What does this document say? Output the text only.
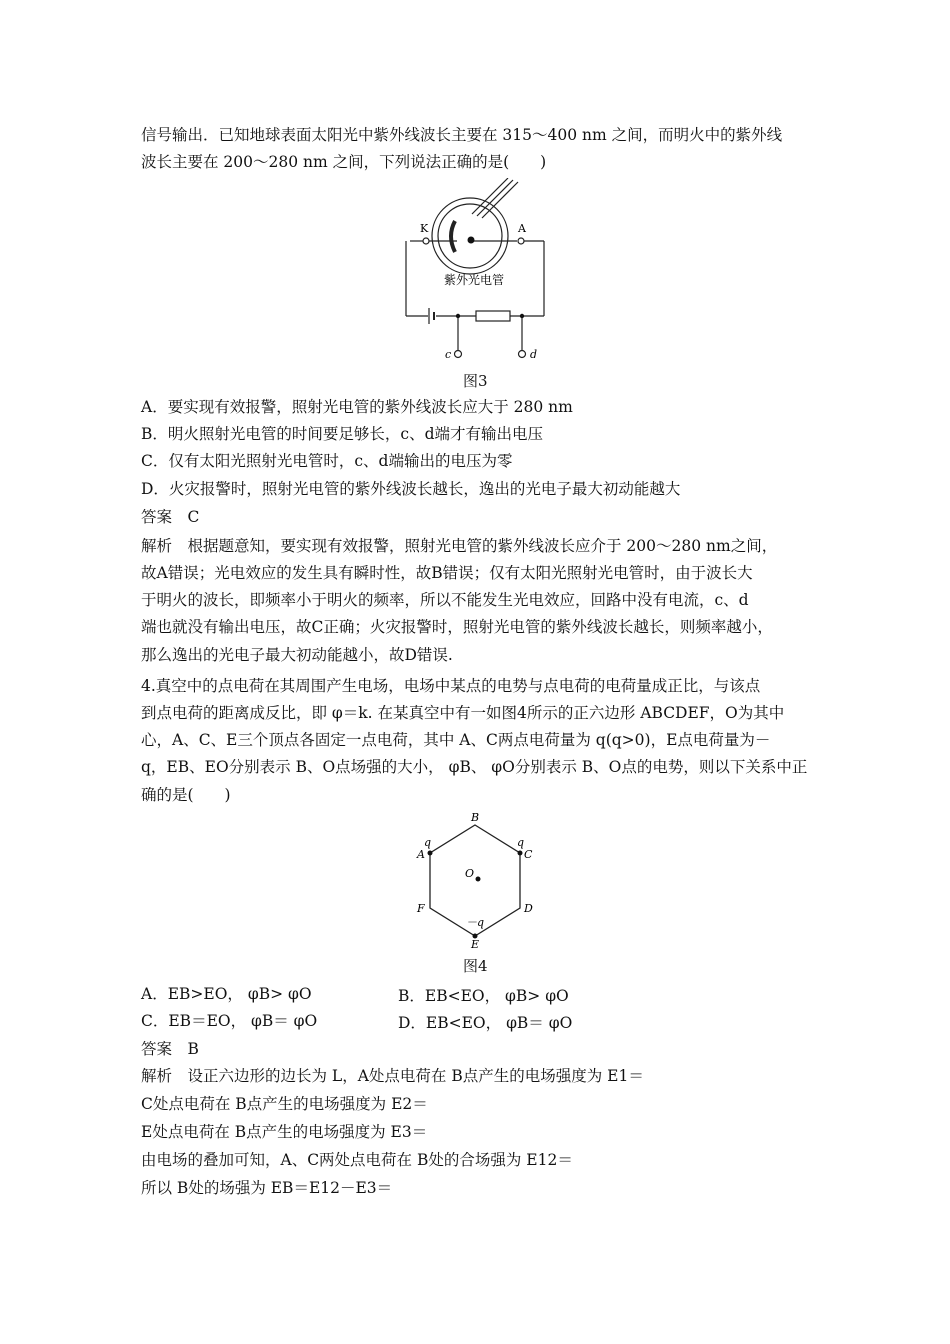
信号输出．已知地球表面太阳光中紫外线波长主要在 315～400 nm 之间，而明火中的紫外线
波长主要在 200～280 nm 之间，下列说法正确的是(　　)
K	A
紫外光电管
c	d
图3
A．要实现有效报警，照射光电管的紫外线波长应大于 280 nm
B．明火照射光电管的时间要足够长，c、d端才有输出电压
C．仅有太阳光照射光电管时，c、d端输出的电压为零
D．火灾报警时，照射光电管的紫外线波长越长，逸出的光电子最大初动能越大
答案　C
解析　根据题意知，要实现有效报警，照射光电管的紫外线波长应介于 200～280 nm之间，
故A错误；光电效应的发生具有瞬时性，故B错误；仅有太阳光照射光电管时，由于波长大
于明火的波长，即频率小于明火的频率，所以不能发生光电效应，回路中没有电流，c、d
端也就没有输出电压，故C正确；火灾报警时，照射光电管的紫外线波长越长，则频率越小，
那么逸出的光电子最大初动能越小，故D错误.
4.真空中的点电荷在其周围产生电场，电场中某点的电势与点电荷的电荷量成正比，与该点
到点电荷的距离成反比，即 φ＝k. 在某真空中有一如图4所示的正六边形 ABCDEF，O为其中
心，A、C、E三个顶点各固定一点电荷，其中 A、C两点电荷量为 q(q>0)，E点电荷量为－
q，EB、EO分别表示 B、O点场强的大小， φB、 φO分别表示 B、O点的电势，则以下关系中正
确的是(　　)
B
q
A
q
C
O
F	D
－q
E
图4
A．EB>EO， φB> φO	B．EB<EO， φB> φO
C．EB＝EO， φB＝ φO	D．EB<EO， φB＝ φO
答案　B
解析　设正六边形的边长为 L，A处点电荷在 B点产生的电场强度为 E1＝
C处点电荷在 B点产生的电场强度为 E2＝
E处点电荷在 B点产生的电场强度为 E3＝
由电场的叠加可知，A、C两处点电荷在 B处的合场强为 E12＝
所以 B处的场强为 EB＝E12－E3＝
